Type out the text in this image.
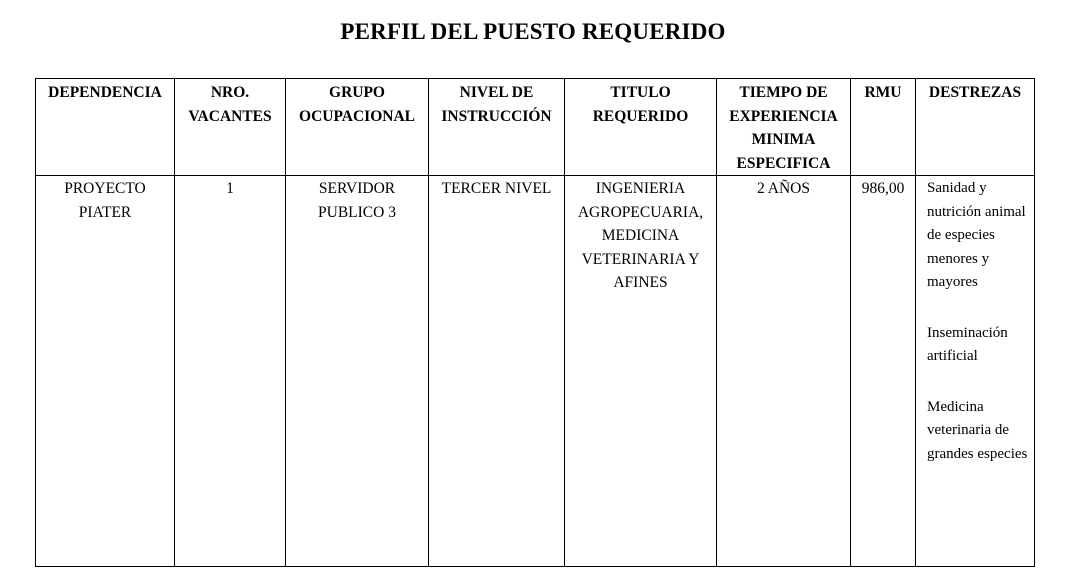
PERFIL DEL PUESTO REQUERIDO
DEPENDENCIA	NRO. VACANTES	GRUPO OCUPACIONAL	NIVEL DE INSTRUCCIÓN	TITULO REQUERIDO	TIEMPO DE EXPERIENCIA MINIMA ESPECIFICA	RMU	DESTREZAS
PROYECTO PIATER	1	SERVIDOR PUBLICO 3	TERCER NIVEL	INGENIERIA AGROPECUARIA, MEDICINA VETERINARIA Y AFINES	2 AÑOS	986,00	Sanidad y nutrición animal de especies menores y mayores
Inseminación artificial
Medicina veterinaria de grandes especies
